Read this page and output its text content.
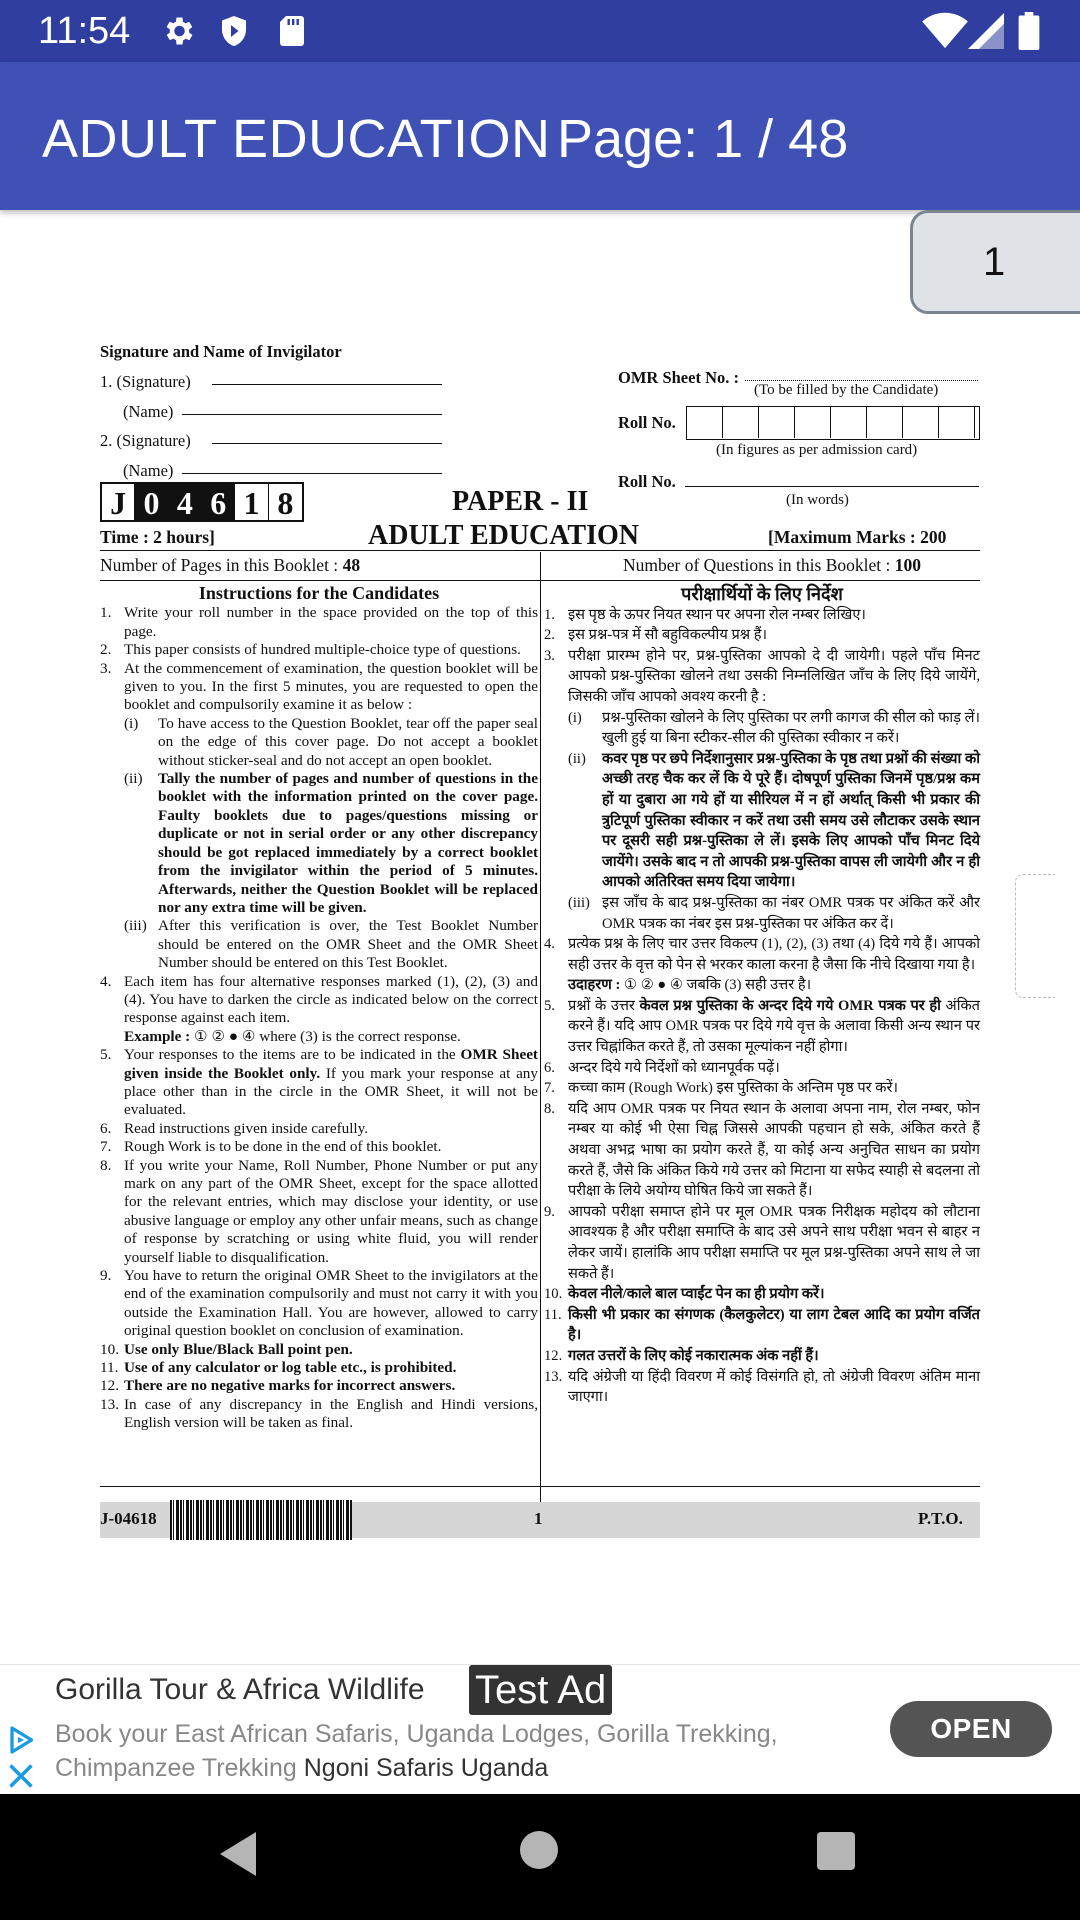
11:54
ADULT EDUCATION Page: 1 / 48
1
Signature and Name of Invigilator
1. (Signature)
(Name)
2. (Signature)
(Name)
OMR Sheet No. :
(To be filled by the Candidate)
Roll No.
(In figures as per admission card)
Roll No.
(In words)
J 0 4 6 1 8	PAPER - II
ADULT EDUCATION
Time : 2 hours]	[Maximum Marks : 200
Number of Pages in this Booklet : 48	Number of Questions in this Booklet : 100
Instructions for the Candidates
1. Write your roll number in the space provided on the top of this page.
2. This paper consists of hundred multiple-choice type of questions.
3. At the commencement of examination, the question booklet will be given to you. In the first 5 minutes, you are requested to open the booklet and compulsorily examine it as below :
(i) To have access to the Question Booklet, tear off the paper seal on the edge of this cover page. Do not accept a booklet without sticker-seal and do not accept an open booklet.
(ii) Tally the number of pages and number of questions in the booklet with the information printed on the cover page. Faulty booklets due to pages/questions missing or duplicate or not in serial order or any other discrepancy should be got replaced immediately by a correct booklet from the invigilator within the period of 5 minutes. Afterwards, neither the Question Booklet will be replaced nor any extra time will be given.
(iii) After this verification is over, the Test Booklet Number should be entered on the OMR Sheet and the OMR Sheet Number should be entered on this Test Booklet.
4. Each item has four alternative responses marked (1), (2), (3) and (4). You have to darken the circle as indicated below on the correct response against each item.
Example : ① ② ● ④ where (3) is the correct response.
5. Your responses to the items are to be indicated in the OMR Sheet given inside the Booklet only. If you mark your response at any place other than in the circle in the OMR Sheet, it will not be evaluated.
6. Read instructions given inside carefully.
7. Rough Work is to be done in the end of this booklet.
8. If you write your Name, Roll Number, Phone Number or put any mark on any part of the OMR Sheet, except for the space allotted for the relevant entries, which may disclose your identity, or use abusive language or employ any other unfair means, such as change of response by scratching or using white fluid, you will render yourself liable to disqualification.
9. You have to return the original OMR Sheet to the invigilators at the end of the examination compulsorily and must not carry it with you outside the Examination Hall. You are however, allowed to carry original question booklet on conclusion of examination.
10. Use only Blue/Black Ball point pen.
11. Use of any calculator or log table etc., is prohibited.
12. There are no negative marks for incorrect answers.
13. In case of any discrepancy in the English and Hindi versions, English version will be taken as final.
परीक्षार्थियों के लिए निर्देश
1. इस पृष्ठ के ऊपर नियत स्थान पर अपना रोल नम्बर लिखिए।
2. इस प्रश्न-पत्र में सौ बहुविकल्पीय प्रश्न हैं।
3. परीक्षा प्रारम्भ होने पर, प्रश्न-पुस्तिका आपको दे दी जायेगी। पहले पाँच मिनट आपको प्रश्न-पुस्तिका खोलने तथा उसकी निम्नलिखित जाँच के लिए दिये जायेंगे, जिसकी जाँच आपको अवश्य करनी है :
(i) प्रश्न-पुस्तिका खोलने के लिए पुस्तिका पर लगी कागज की सील को फाड़ लें। खुली हुई या बिना स्टीकर-सील की पुस्तिका स्वीकार न करें।
(ii) कवर पृष्ठ पर छपे निर्देशानुसार प्रश्न-पुस्तिका के पृष्ठ तथा प्रश्नों की संख्या को अच्छी तरह चैक कर लें कि ये पूरे हैं। दोषपूर्ण पुस्तिका जिनमें पृष्ठ/प्रश्न कम हों या दुबारा आ गये हों या सीरियल में न हों अर्थात् किसी भी प्रकार की त्रुटिपूर्ण पुस्तिका स्वीकार न करें तथा उसी समय उसे लौटाकर उसके स्थान पर दूसरी सही प्रश्न-पुस्तिका ले लें। इसके लिए आपको पाँच मिनट दिये जायेंगे। उसके बाद न तो आपकी प्रश्न-पुस्तिका वापस ली जायेगी और न ही आपको अतिरिक्त समय दिया जायेगा।
(iii) इस जाँच के बाद प्रश्न-पुस्तिका का नंबर OMR पत्रक पर अंकित करें और OMR पत्रक का नंबर इस प्रश्न-पुस्तिका पर अंकित कर दें।
4. प्रत्येक प्रश्न के लिए चार उत्तर विकल्प (1), (2), (3) तथा (4) दिये गये हैं। आपको सही उत्तर के वृत्त को पेन से भरकर काला करना है जैसा कि नीचे दिखाया गया है।
उदाहरण : ① ② ● ④ जबकि (3) सही उत्तर है।
5. प्रश्नों के उत्तर केवल प्रश्न पुस्तिका के अन्दर दिये गये OMR पत्रक पर ही अंकित करने हैं। यदि आप OMR पत्रक पर दिये गये वृत्त के अलावा किसी अन्य स्थान पर उत्तर चिह्नांकित करते हैं, तो उसका मूल्यांकन नहीं होगा।
6. अन्दर दिये गये निर्देशों को ध्यानपूर्वक पढ़ें।
7. कच्चा काम (Rough Work) इस पुस्तिका के अन्तिम पृष्ठ पर करें।
8. यदि आप OMR पत्रक पर नियत स्थान के अलावा अपना नाम, रोल नम्बर, फोन नम्बर या कोई भी ऐसा चिह्न जिससे आपकी पहचान हो सके, अंकित करते हैं अथवा अभद्र भाषा का प्रयोग करते हैं, या कोई अन्य अनुचित साधन का प्रयोग करते हैं, जैसे कि अंकित किये गये उत्तर को मिटाना या सफेद स्याही से बदलना तो परीक्षा के लिये अयोग्य घोषित किये जा सकते हैं।
9. आपको परीक्षा समाप्त होने पर मूल OMR पत्रक निरीक्षक महोदय को लौटाना आवश्यक है और परीक्षा समाप्ति के बाद उसे अपने साथ परीक्षा भवन से बाहर न लेकर जायें। हालांकि आप परीक्षा समाप्ति पर मूल प्रश्न-पुस्तिका अपने साथ ले जा सकते हैं।
10. केवल नीले/काले बाल प्वाईंट पेन का ही प्रयोग करें।
11. किसी भी प्रकार का संगणक (कैलकुलेटर) या लाग टेबल आदि का प्रयोग वर्जित है।
12. गलत उत्तरों के लिए कोई नकारात्मक अंक नहीं हैं।
13. यदि अंग्रेजी या हिंदी विवरण में कोई विसंगति हो, तो अंग्रेजी विवरण अंतिम माना जाएगा।
J-04618	1	P.T.O.
Gorilla Tour & Africa Wildlife Test Ad
Book your East African Safaris, Uganda Lodges, Gorilla Trekking, Chimpanzee Trekking Ngoni Safaris Uganda
OPEN
